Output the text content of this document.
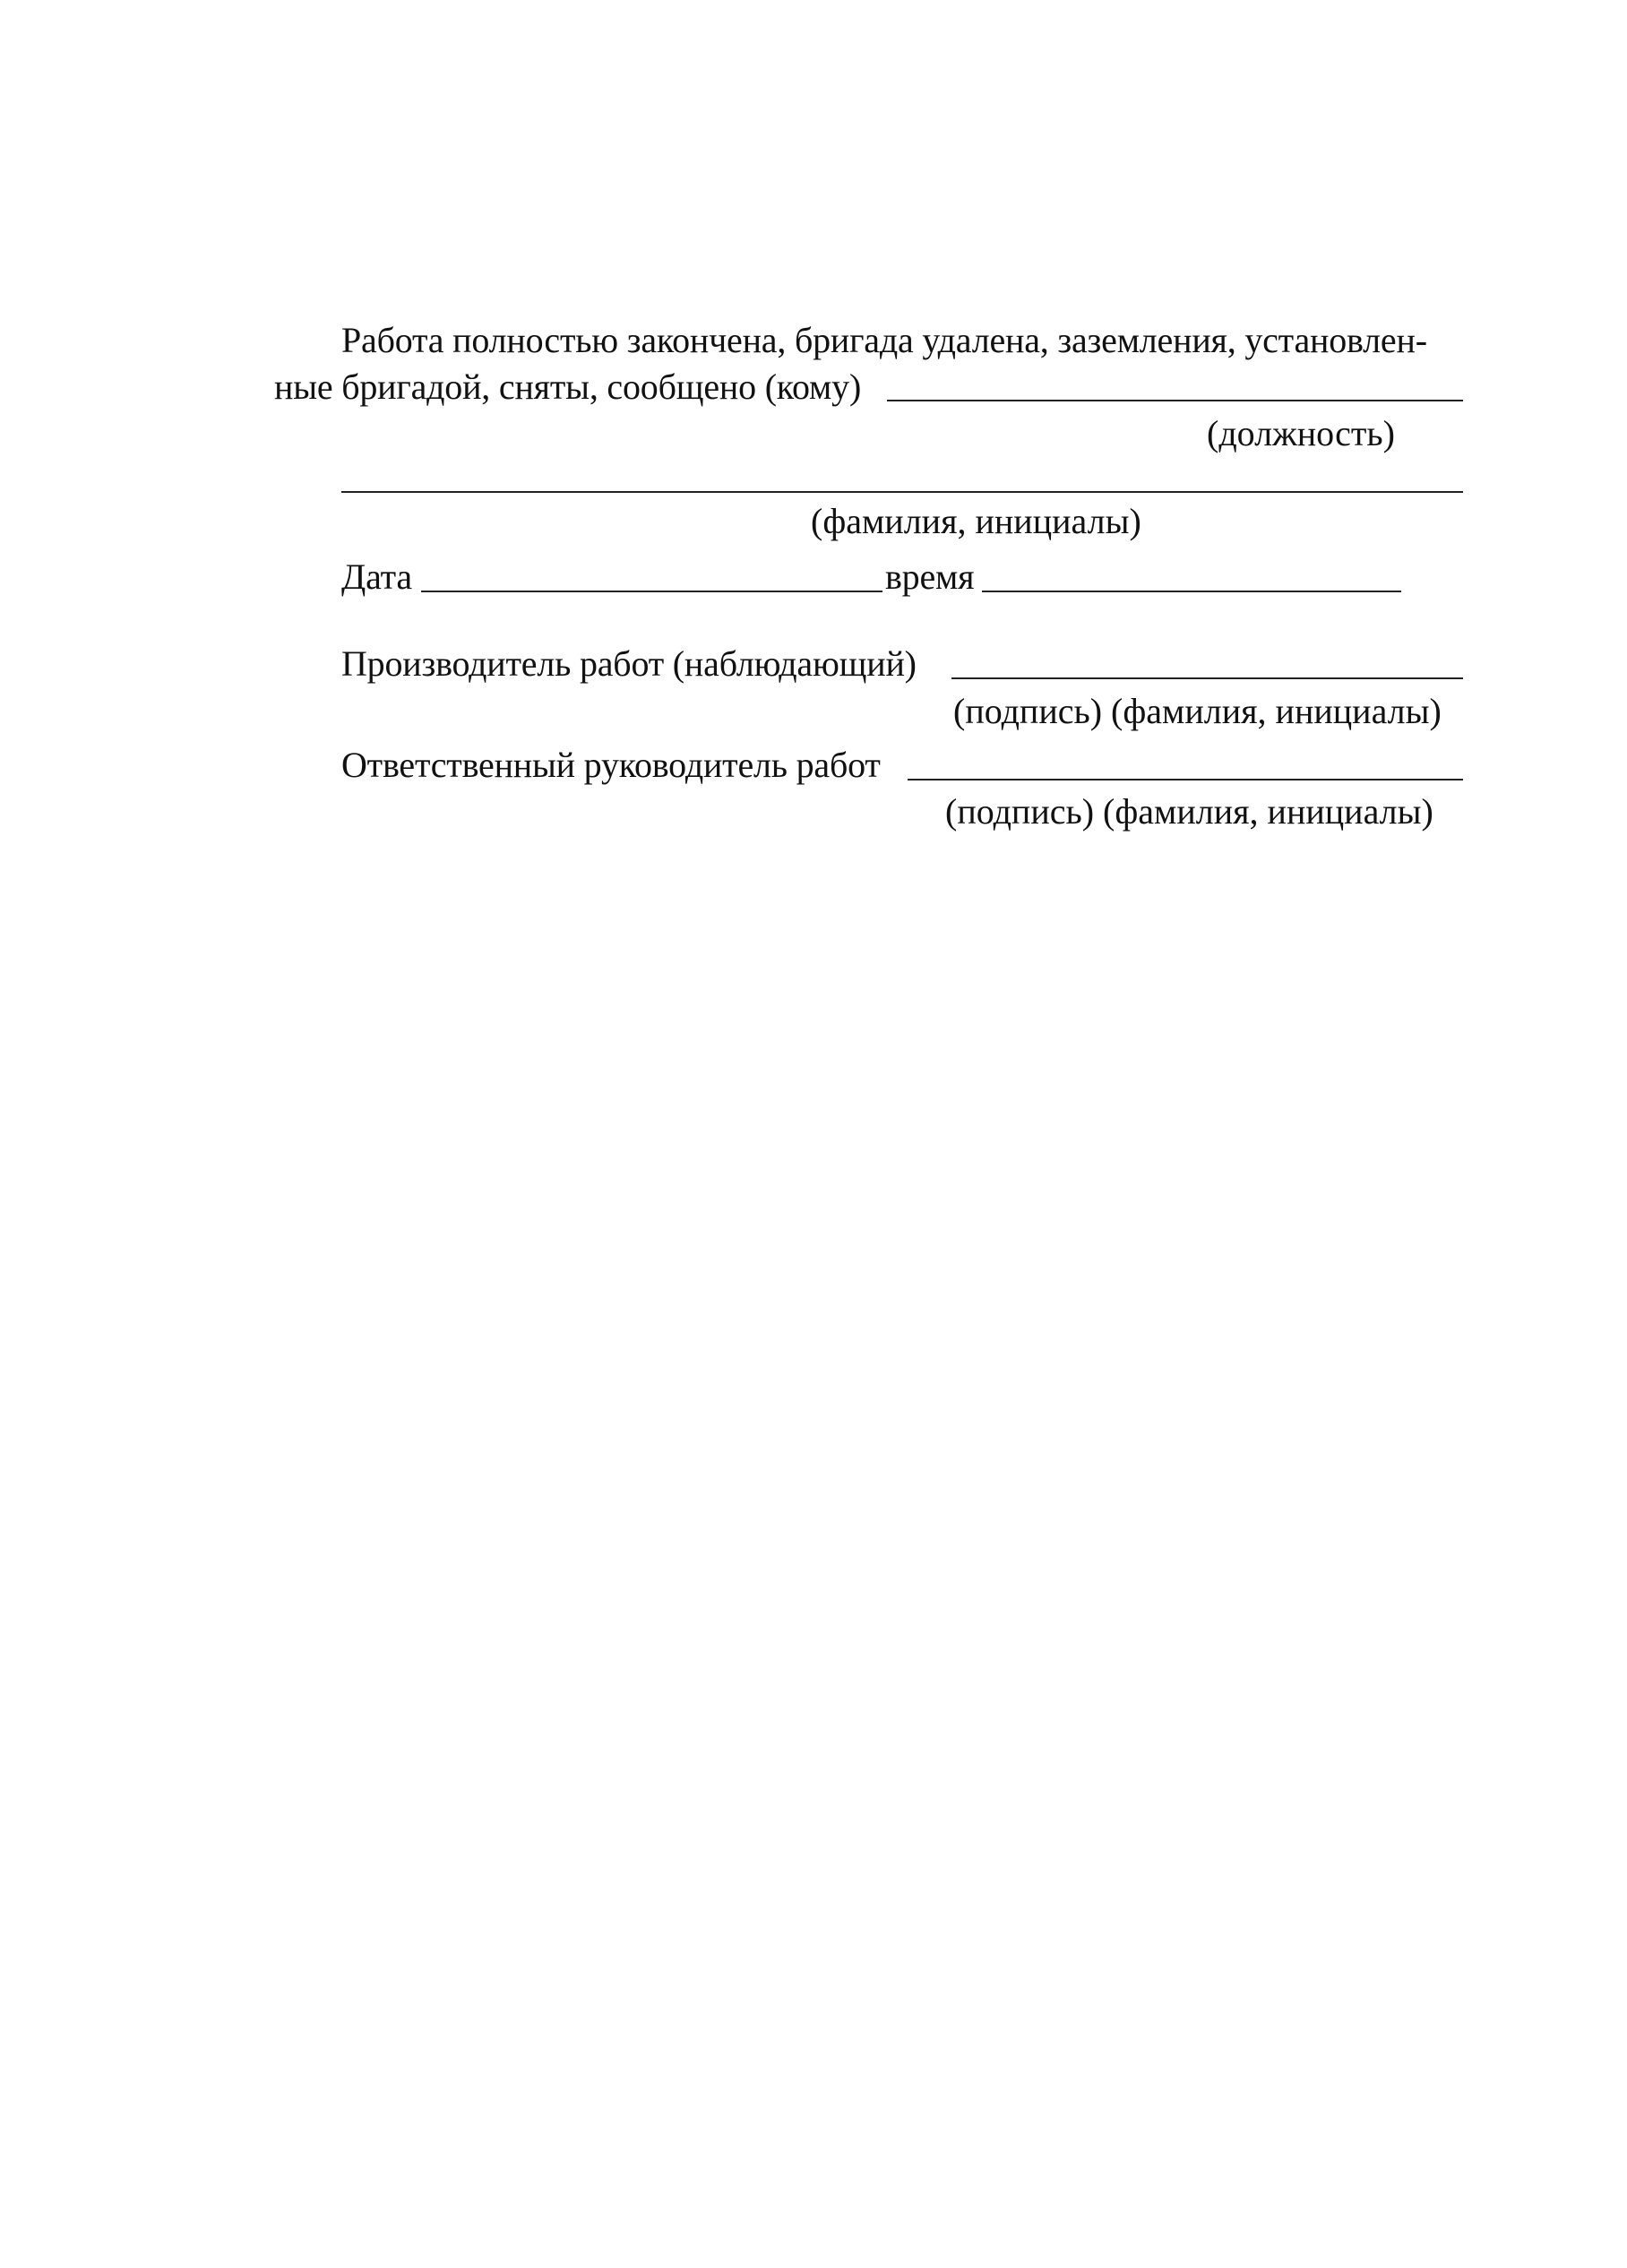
Работа полностью закончена, бригада удалена, заземления, установлен-
ные бригадой, сняты, сообщено (кому)
(должность)
(фамилия, инициалы)
Дата	время
Производитель работ (наблюдающий)
(подпись) (фамилия, инициалы)
Ответственный руководитель работ
(подпись) (фамилия, инициалы)
